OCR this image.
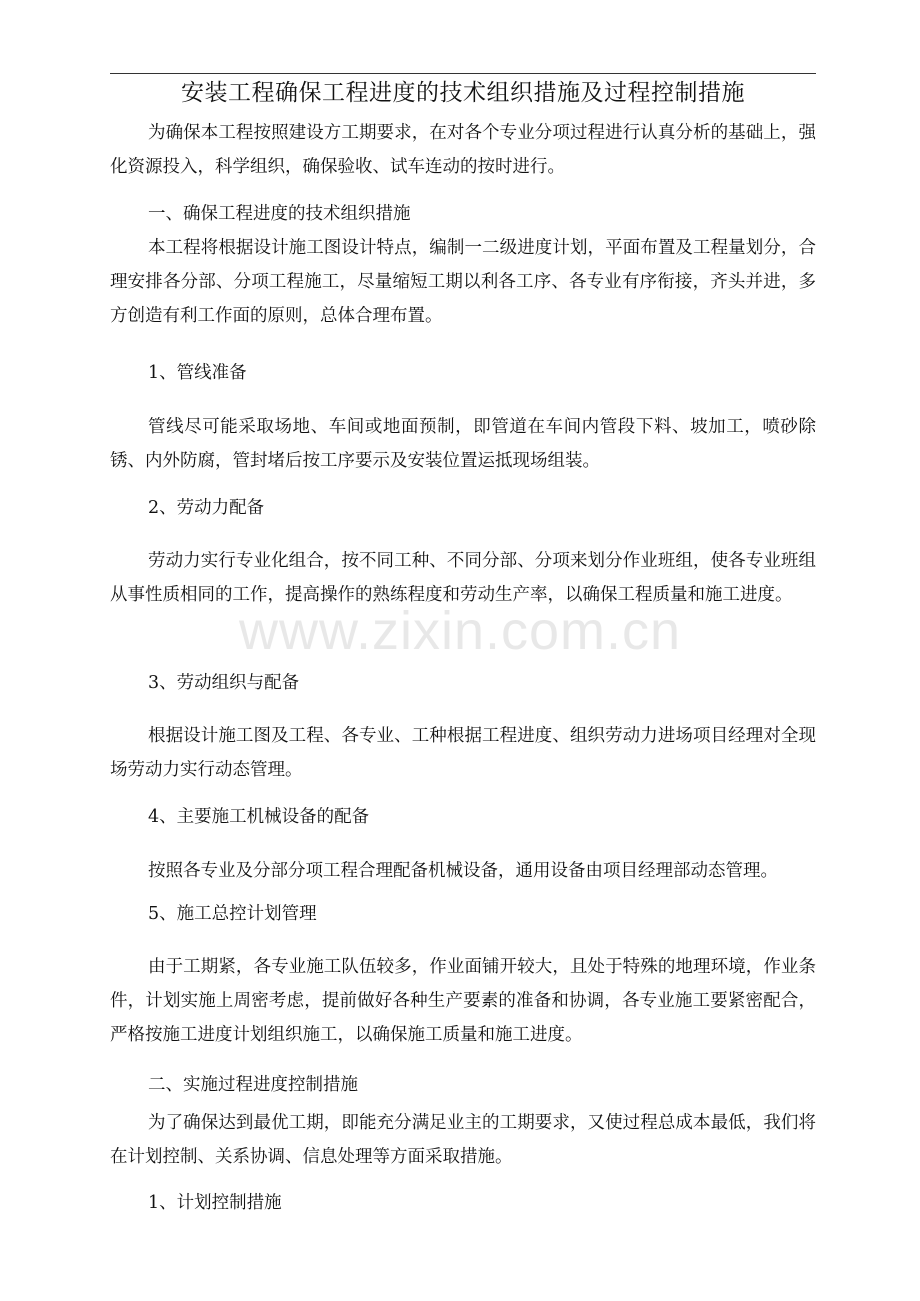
安装工程确保工程进度的技术组织措施及过程控制措施

为确保本工程按照建设方工期要求，在对各个专业分项过程进行认真分析的基础上，强化资源投入，科学组织，确保验收、试车连动的按时进行。

一、确保工程进度的技术组织措施

本工程将根据设计施工图设计特点，编制一二级进度计划，平面布置及工程量划分，合理安排各分部、分项工程施工，尽量缩短工期以利各工序、各专业有序衔接，齐头并进，多方创造有利工作面的原则，总体合理布置。

1、管线准备

管线尽可能采取场地、车间或地面预制，即管道在车间内管段下料、坡加工，喷砂除锈、内外防腐，管封堵后按工序要示及安装位置运抵现场组装。

2、劳动力配备

劳动力实行专业化组合，按不同工种、不同分部、分项来划分作业班组，使各专业班组从事性质相同的工作，提高操作的熟练程度和劳动生产率，以确保工程质量和施工进度。

3、劳动组织与配备

根据设计施工图及工程、各专业、工种根据工程进度、组织劳动力进场项目经理对全现场劳动力实行动态管理。

4、主要施工机械设备的配备

按照各专业及分部分项工程合理配备机械设备，通用设备由项目经理部动态管理。

5、施工总控计划管理

由于工期紧，各专业施工队伍较多，作业面铺开较大，且处于特殊的地理环境，作业条件，计划实施上周密考虑，提前做好各种生产要素的准备和协调，各专业施工要紧密配合，严格按施工进度计划组织施工，以确保施工质量和施工进度。

二、实施过程进度控制措施

为了确保达到最优工期，即能充分满足业主的工期要求，又使过程总成本最低，我们将在计划控制、关系协调、信息处理等方面采取措施。

1、计划控制措施

www.zixin.com.cn
